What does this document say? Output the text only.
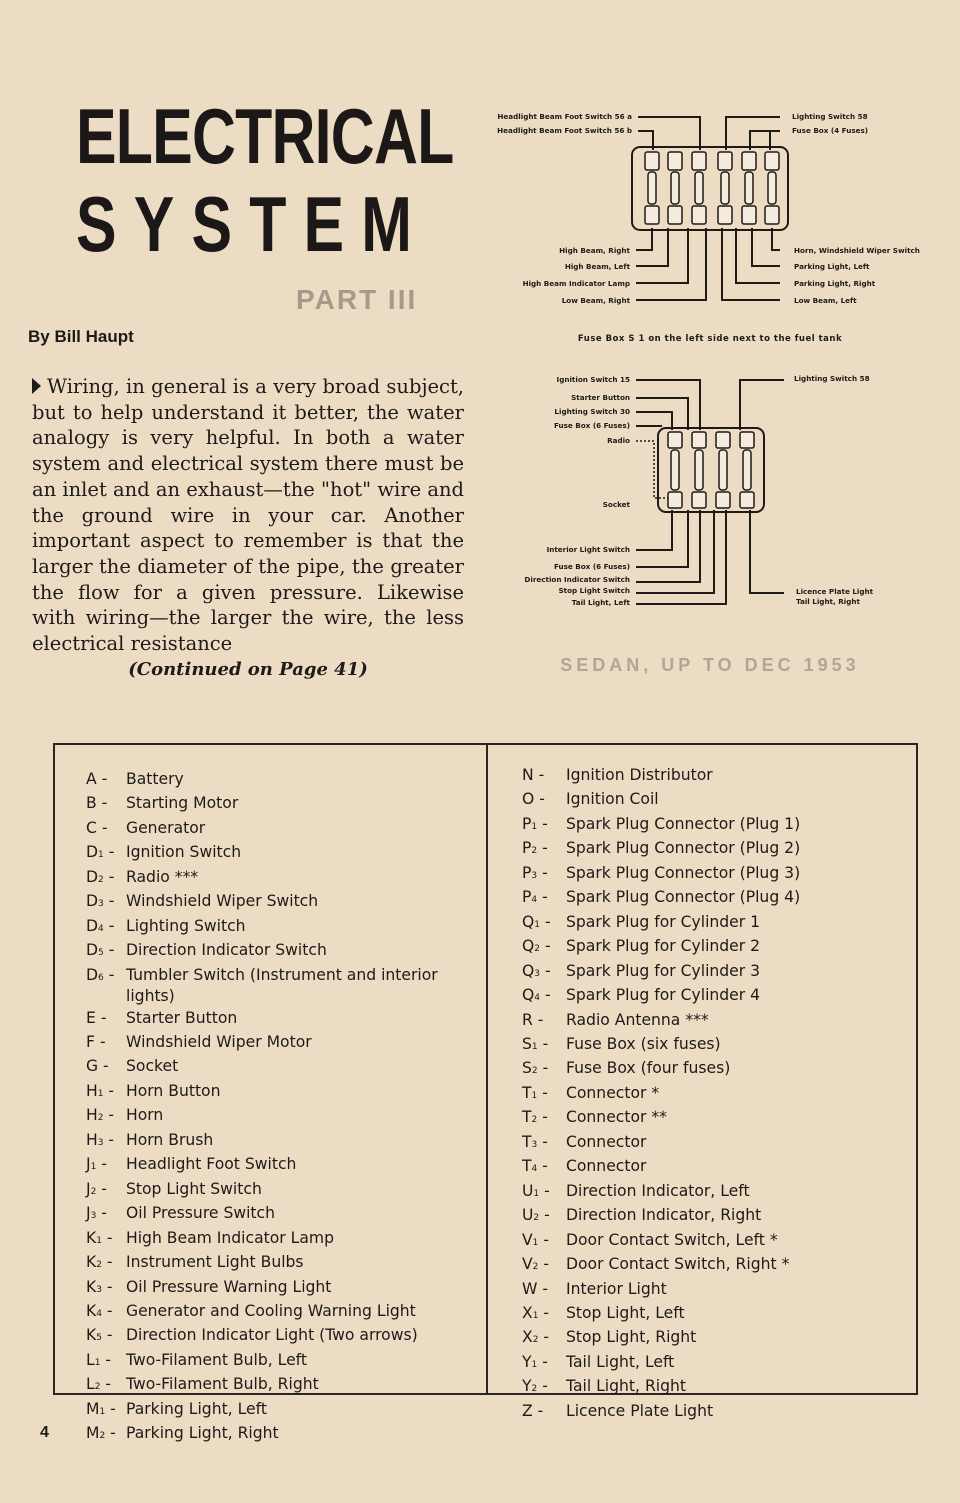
ELECTRICAL
SYSTEM
PART III
By Bill Haupt
Wiring, in general is a very broad subject, but to help understand it better, the water analogy is very helpful. In both a water system and electrical system there must be an inlet and an exhaust—the "hot" wire and the ground wire in your car. Another important aspect to remember is that the larger the diameter of the pipe, the greater the flow for a given pressure. Likewise with wiring—the larger the wire, the less electrical resistance
(Continued on Page 41)
Headlight Beam Foot Switch 56 a
Headlight Beam Foot Switch 56 b
Lighting Switch 58
Fuse Box (4 Fuses)
High Beam, Right
High Beam, Left
High Beam Indicator Lamp
Low Beam, Right
Horn, Windshield Wiper Switch
Parking Light, Left
Parking Light, Right
Low Beam, Left
Ignition Switch 15
Starter Button
Lighting Switch 30
Fuse Box (6 Fuses)
Radio
Socket
Interior Light Switch
Fuse Box (6 Fuses)
Direction Indicator Switch
Stop Light Switch
Tail Light, Left
Lighting Switch 58
Licence Plate Light
Tail Light, Right
Fuse Box S 1 on the left side next to the fuel tank
SEDAN, UP TO DEC 1953
A -	Battery
B -	Starting Motor
C -	Generator
D1 - Ignition Switch
D2 - Radio ***
D3 - Windshield Wiper Switch
D4 - Lighting Switch
D5 - Direction Indicator Switch
D6 - Tumbler Switch (Instrument and interior lights)
E -	Starter Button
F -	Windshield Wiper Motor
G -	Socket
H1 - Horn Button
H2 - Horn
H3 - Horn Brush
J1 -	Headlight Foot Switch
J2 -	Stop Light Switch
J3 -	Oil Pressure Switch
K1 - High Beam Indicator Lamp
K2 - Instrument Light Bulbs
K3 - Oil Pressure Warning Light
K4 - Generator and Cooling Warning Light
K5 - Direction Indicator Light (Two arrows)
L1 - Two-Filament Bulb, Left
L2 - Two-Filament Bulb, Right
M1 - Parking Light, Left
M2 - Parking Light, Right
N -	Ignition Distributor
O -	Ignition Coil
P1 -	Spark Plug Connector (Plug 1)
P2 -	Spark Plug Connector (Plug 2)
P3 -	Spark Plug Connector (Plug 3)
P4 -	Spark Plug Connector (Plug 4)
Q1 - Spark Plug for Cylinder 1
Q2 - Spark Plug for Cylinder 2
Q3 - Spark Plug for Cylinder 3
Q4 - Spark Plug for Cylinder 4
R -	Radio Antenna ***
S1 -	Fuse Box (six fuses)
S2 -	Fuse Box (four fuses)
T1 -	Connector *
T2 -	Connector **
T3 -	Connector
T4 -	Connector
U1 -	Direction Indicator, Left
U2 -	Direction Indicator, Right
V1 -	Door Contact Switch, Left *
V2 -	Door Contact Switch, Right *
W -	Interior Light
X1 -	Stop Light, Left
X2 -	Stop Light, Right
Y1 -	Tail Light, Left
Y2 -	Tail Light, Right
Z -	Licence Plate Light
4
